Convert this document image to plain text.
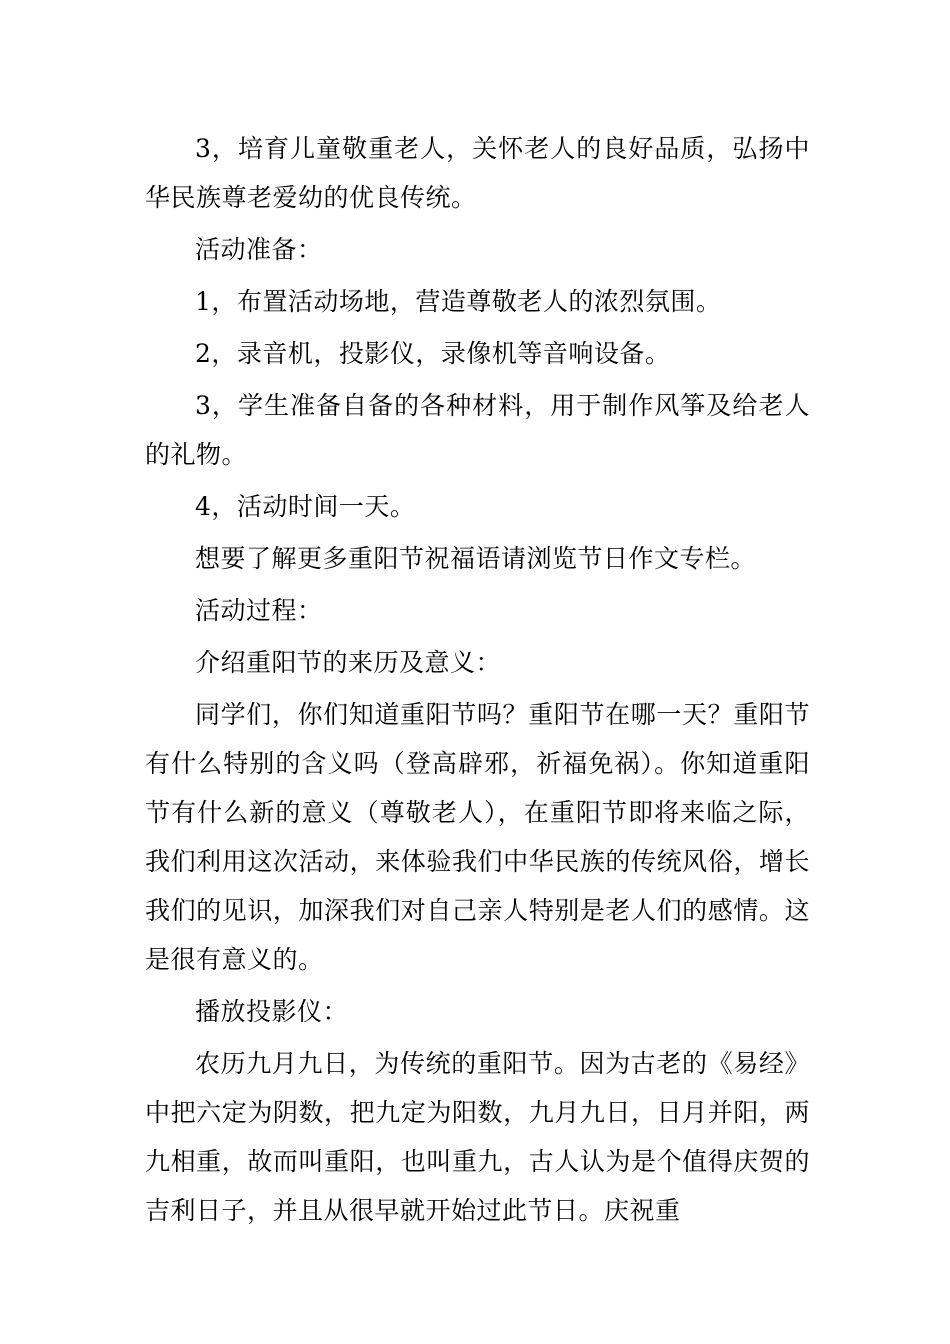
3，培育儿童敬重老人，关怀老人的良好品质，弘扬中华民族尊老爱幼的优良传统。

活动准备：

1，布置活动场地，营造尊敬老人的浓烈氛围。

2，录音机，投影仪，录像机等音响设备。

3，学生准备自备的各种材料，用于制作风筝及给老人的礼物。

4，活动时间一天。

想要了解更多重阳节祝福语请浏览节日作文专栏。

活动过程：

介绍重阳节的来历及意义：

同学们，你们知道重阳节吗？重阳节在哪一天？重阳节有什么特别的含义吗（登高辟邪，祈福免祸）。你知道重阳节有什么新的意义（尊敬老人），在重阳节即将来临之际，我们利用这次活动，来体验我们中华民族的传统风俗，增长我们的见识，加深我们对自己亲人特别是老人们的感情。这是很有意义的。

播放投影仪：

农历九月九日，为传统的重阳节。因为古老的《易经》中把六定为阴数，把九定为阳数，九月九日，日月并阳，两九相重，故而叫重阳，也叫重九，古人认为是个值得庆贺的吉利日子，并且从很早就开始过此节日。庆祝重
